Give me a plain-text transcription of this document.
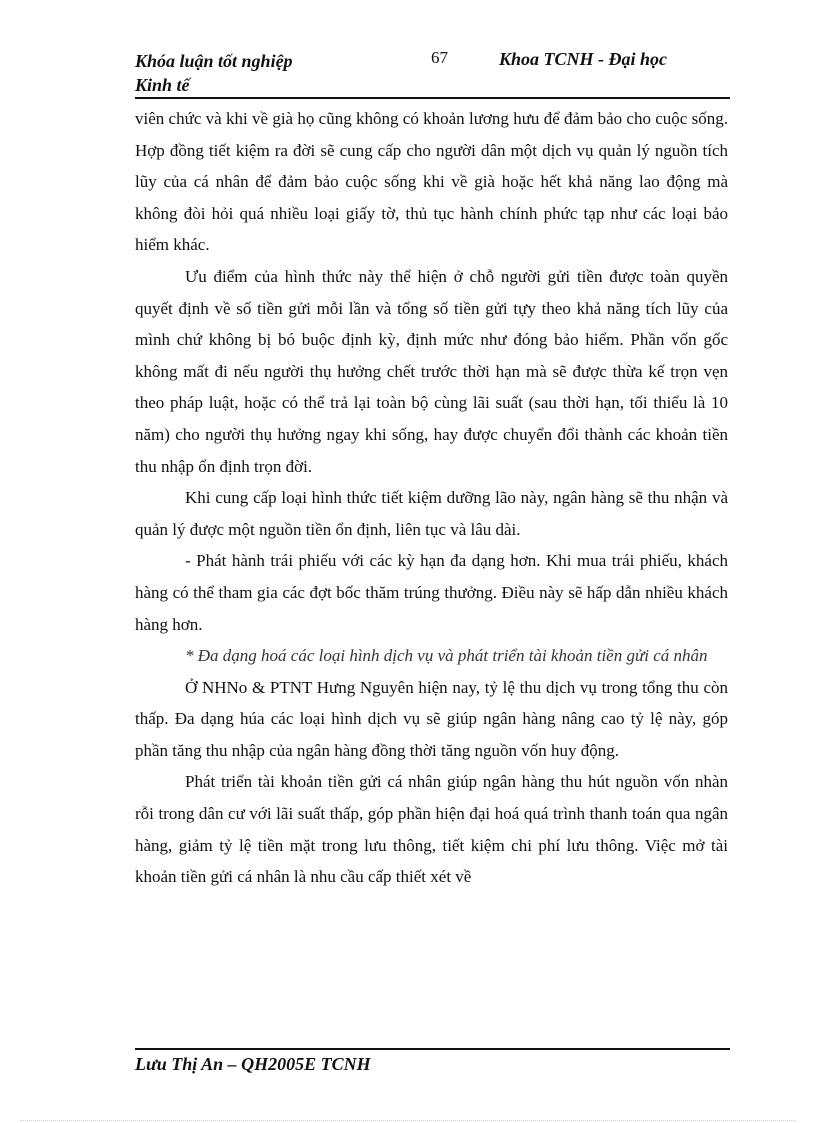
Khóa luận tốt nghiệp
Kinh tế
67	Khoa TCNH - Đại học

viên chức và khi về già họ cũng không có khoản lương hưu để đảm bảo cho cuộc sống. Hợp đồng tiết kiệm ra đời sẽ cung cấp cho người dân một dịch vụ quản lý nguồn tích lũy của cá nhân để đảm bảo cuộc sống khi về già hoặc hết khả năng lao động mà không đòi hỏi quá nhiều loại giấy tờ, thủ tục hành chính phức tạp như các loại bảo hiểm khác.

Ưu điểm của hình thức này thể hiện ở chỗ người gửi tiền được toàn quyền quyết định về số tiền gửi mỗi lần và tổng số tiền gửi tựy theo khả năng tích lũy của mình chứ không bị bó buộc định kỳ, định mức như đóng bảo hiểm. Phần vốn gốc không mất đi nếu người thụ hưởng chết trước thời hạn mà sẽ được thừa kế trọn vẹn theo pháp luật, hoặc có thể trả lại toàn bộ cùng lãi suất (sau thời hạn, tối thiểu là 10 năm) cho người thụ hưởng ngay khi sống, hay được chuyển đổi thành các khoản tiền thu nhập ổn định trọn đời.

Khi cung cấp loại hình thức tiết kiệm dưỡng lão này, ngân hàng sẽ thu nhận và quản lý được một nguồn tiền ổn định, liên tục và lâu dài.

- Phát hành trái phiếu với các kỳ hạn đa dạng hơn. Khi mua trái phiếu, khách hàng có thể tham gia các đợt bốc thăm trúng thưởng. Điều này sẽ hấp dẫn nhiều khách hàng hơn.

* Đa dạng hoá các loại hình dịch vụ và phát triển tài khoản tiền gửi cá nhân

Ở NHNo & PTNT Hưng Nguyên hiện nay, tỷ lệ thu dịch vụ trong tổng thu còn thấp. Đa dạng húa các loại hình dịch vụ sẽ giúp ngân hàng nâng cao tỷ lệ này, góp phần tăng thu nhập của ngân hàng đồng thời tăng nguồn vốn huy động.

Phát triển tài khoản tiền gửi cá nhân giúp ngân hàng thu hút nguồn vốn nhàn rỗi trong dân cư với lãi suất thấp, góp phần hiện đại hoá quá trình thanh toán qua ngân hàng, giảm tỷ lệ tiền mặt trong lưu thông, tiết kiệm chi phí lưu thông. Việc mở tài khoản tiền gửi cá nhân là nhu cầu cấp thiết xét về

Lưu Thị An – QH2005E TCNH
